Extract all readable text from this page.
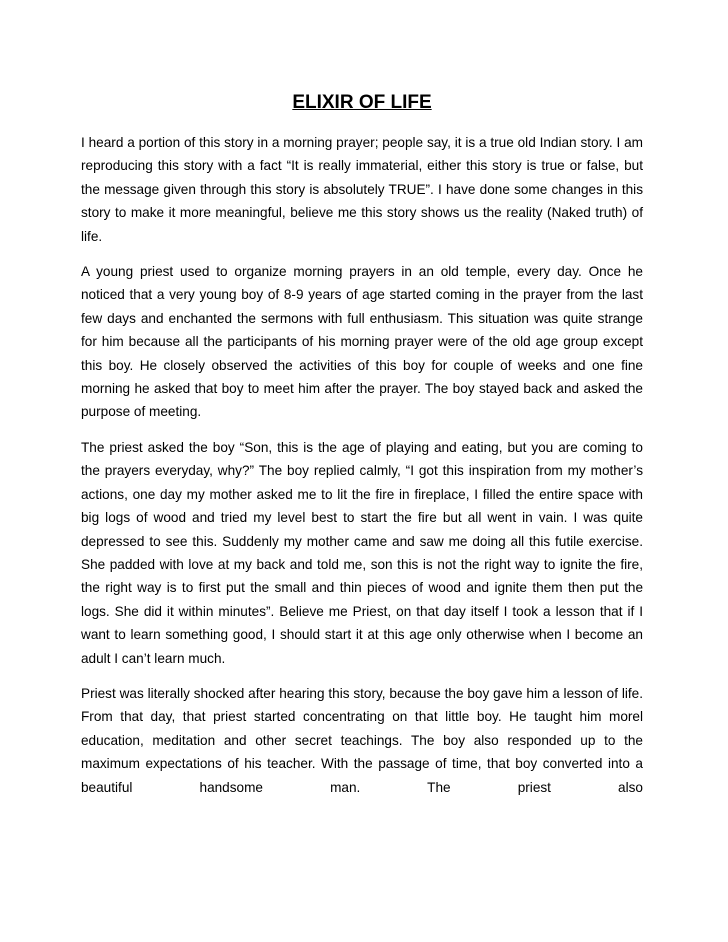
ELIXIR OF LIFE

I heard a portion of this story in a morning prayer; people say, it is a true old Indian story. I am reproducing this story with a fact “It is really immaterial, either this story is true or false, but the message given through this story is absolutely TRUE”. I have done some changes in this story to make it more meaningful, believe me this story shows us the reality (Naked truth) of life.

A young priest used to organize morning prayers in an old temple, every day. Once he noticed that a very young boy of 8-9 years of age started coming in the prayer from the last few days and enchanted the sermons with full enthusiasm. This situation was quite strange for him because all the participants of his morning prayer were of the old age group except this boy. He closely observed the activities of this boy for couple of weeks and one fine morning he asked that boy to meet him after the prayer. The boy stayed back and asked the purpose of meeting.

The priest asked the boy “Son, this is the age of playing and eating, but you are coming to the prayers everyday, why?” The boy replied calmly, “I got this inspiration from my mother’s actions, one day my mother asked me to lit the fire in fireplace, I filled the entire space with big logs of wood and tried my level best to start the fire but all went in vain. I was quite depressed to see this. Suddenly my mother came and saw me doing all this futile exercise. She padded with love at my back and told me, son this is not the right way to ignite the fire, the right way is to first put the small and thin pieces of wood and ignite them then put the logs. She did it within minutes”. Believe me Priest, on that day itself I took a lesson that if I want to learn something good, I should start it at this age only otherwise when I become an adult I can’t learn much.

Priest was literally shocked after hearing this story, because the boy gave him a lesson of life. From that day, that priest started concentrating on that little boy. He taught him morel education, meditation and other secret teachings. The boy also responded up to the maximum expectations of his teacher. With the passage of time, that boy converted into a beautiful handsome man. The priest also
